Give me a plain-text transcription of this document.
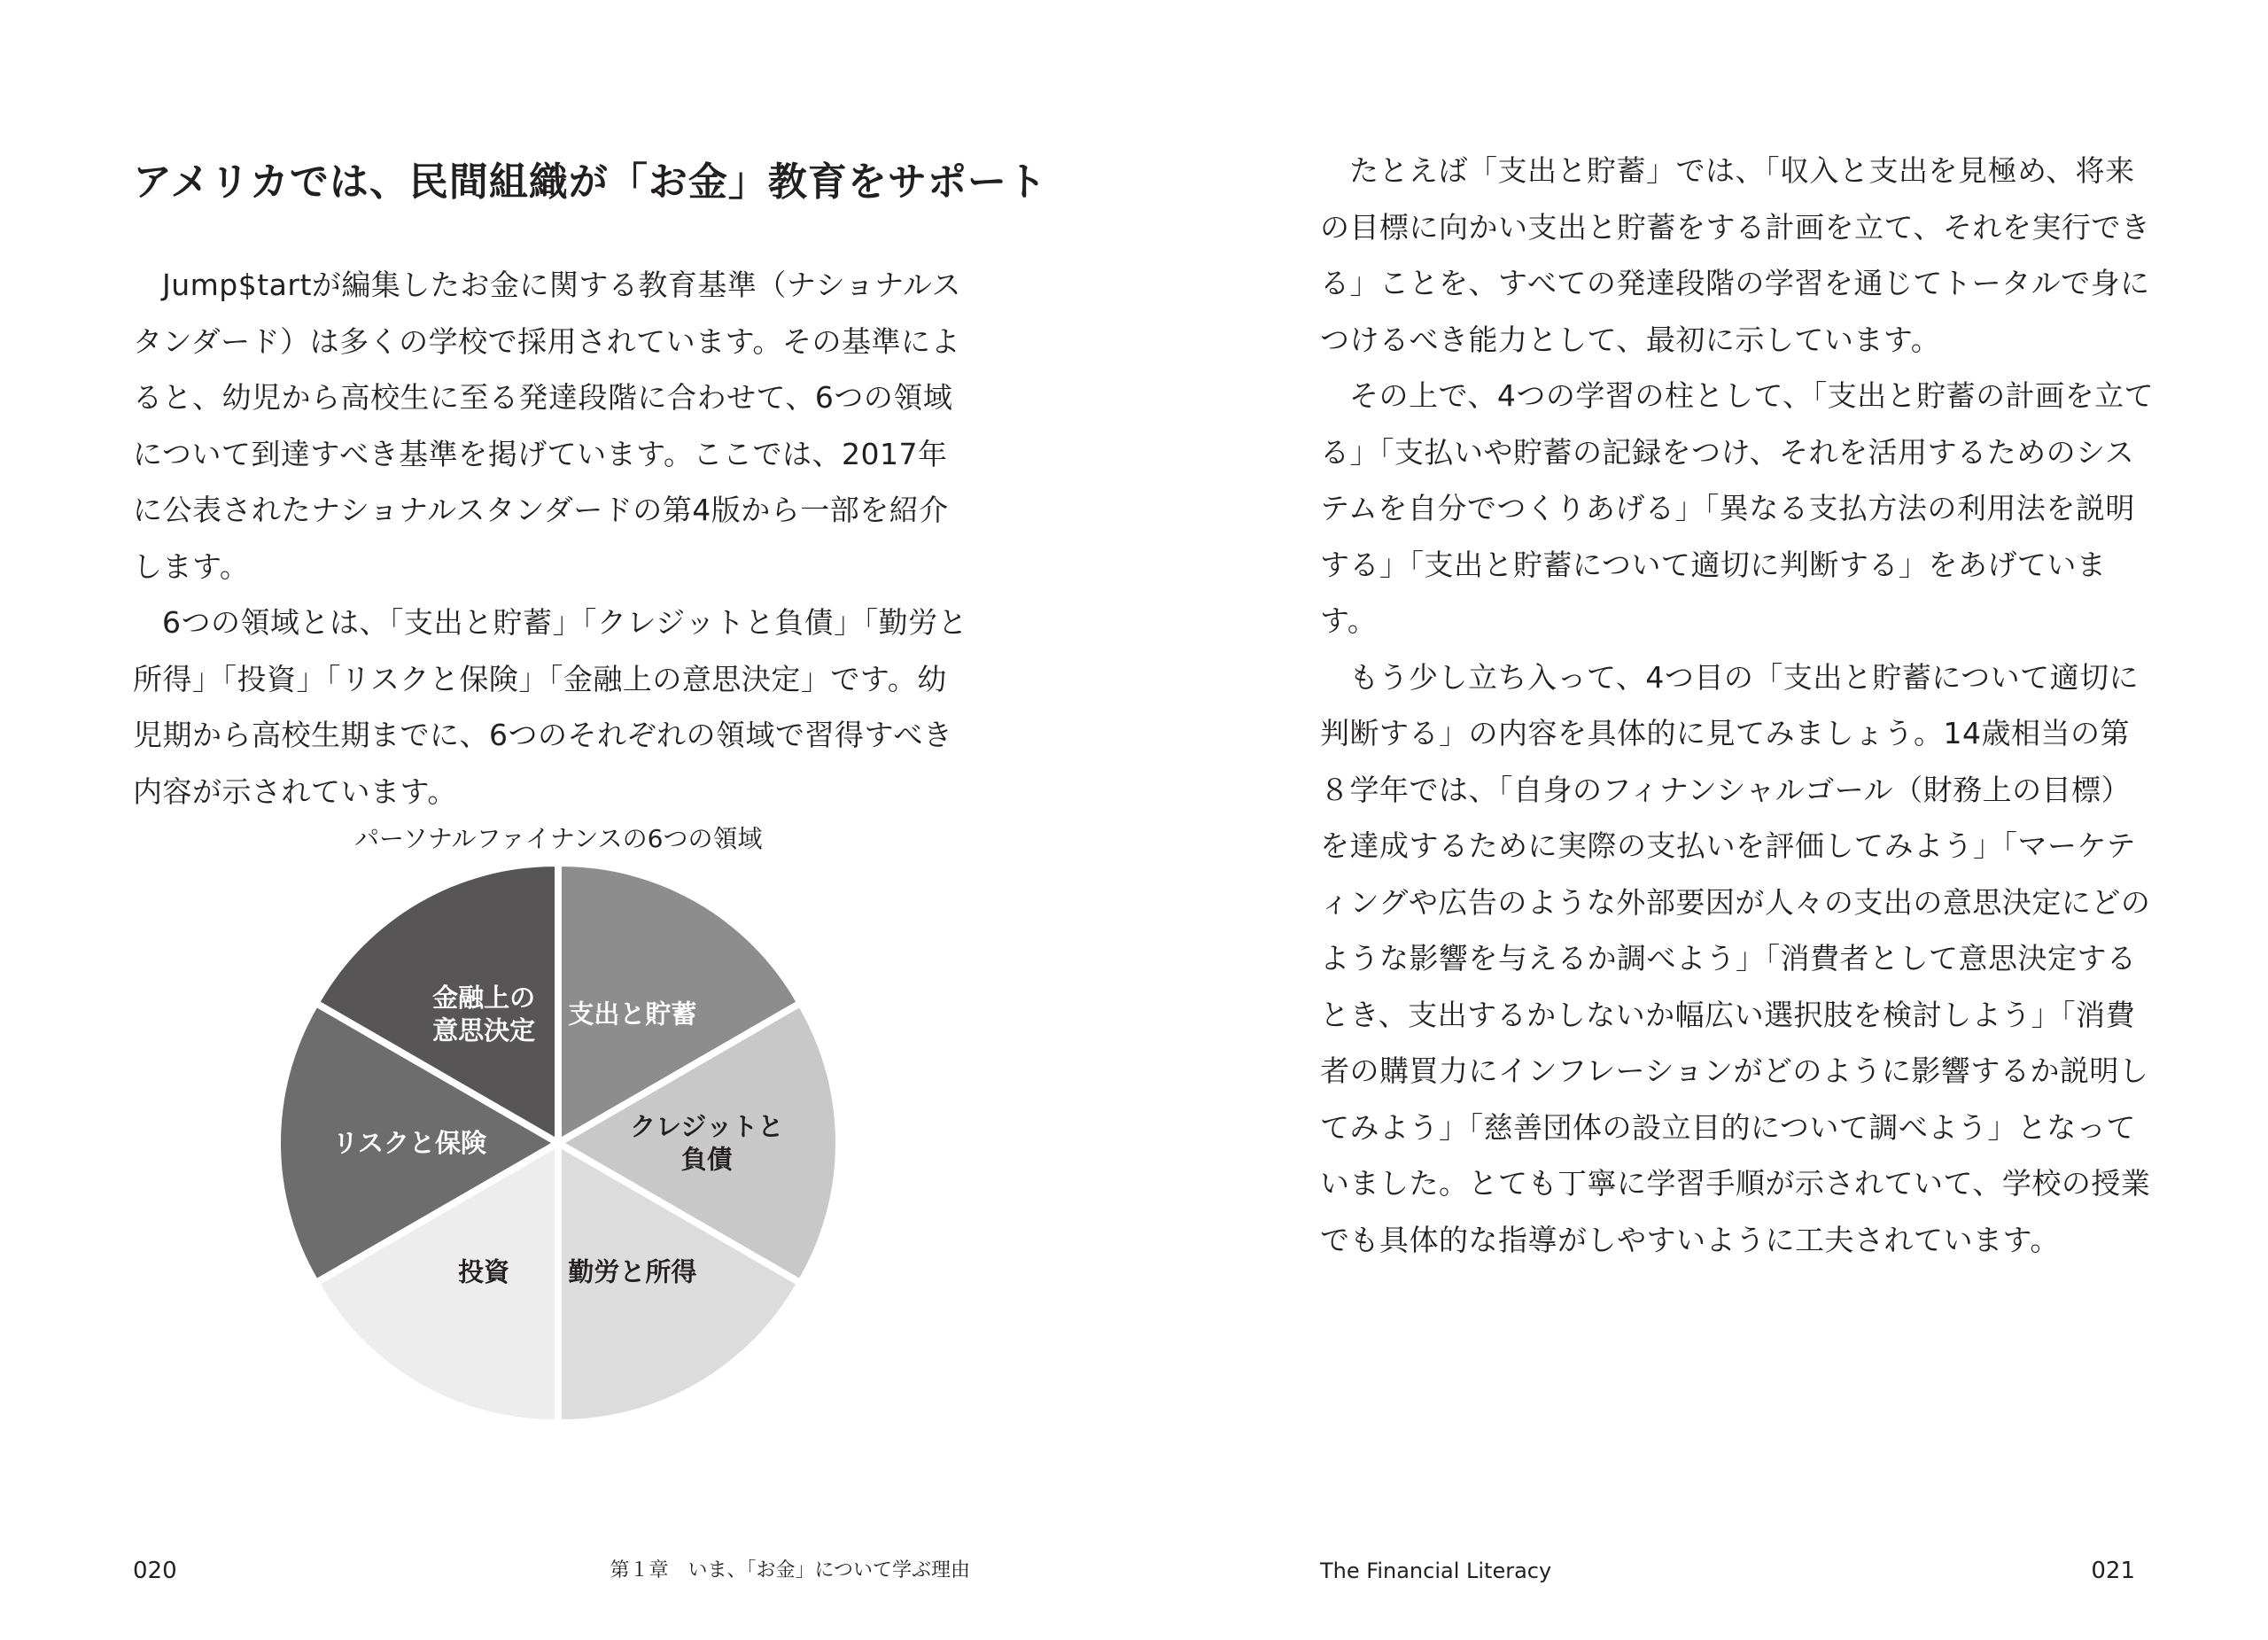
アメリカでは、民間組織が「お金」教育をサポート

Jump$tartが編集したお金に関する教育基準（ナショナルスタンダード）は多くの学校で採用されています。その基準によると、幼児から高校生に至る発達段階に合わせて、6つの領域について到達すべき基準を掲げています。ここでは、2017年に公表されたナショナルスタンダードの第4版から一部を紹介します。

6つの領域とは、「支出と貯蓄」「クレジットと負債」「勤労と所得」「投資」「リスクと保険」「金融上の意思決定」です。幼児期から高校生期までに、6つのそれぞれの領域で習得すべき内容が示されています。

パーソナルファイナンスの6つの領域
支出と貯蓄
クレジットと負債
勤労と所得
投資
リスクと保険
金融上の意思決定
020	第１章　いま、「お金」について学ぶ理由

たとえば「支出と貯蓄」では、「収入と支出を見極め、将来の目標に向かい支出と貯蓄をする計画を立て、それを実行できる」ことを、すべての発達段階の学習を通じてトータルで身につけるべき能力として、最初に示しています。

その上で、4つの学習の柱として、「支出と貯蓄の計画を立てる」「支払いや貯蓄の記録をつけ、それを活用するためのシステムを自分でつくりあげる」「異なる支払方法の利用法を説明する」「支出と貯蓄について適切に判断する」をあげています。

もう少し立ち入って、4つ目の「支出と貯蓄について適切に判断する」の内容を具体的に見てみましょう。14歳相当の第８学年では、「自身のフィナンシャルゴール（財務上の目標）を達成するために実際の支払いを評価してみよう」「マーケティングや広告のような外部要因が人々の支出の意思決定にどのような影響を与えるか調べよう」「消費者として意思決定するとき、支出するかしないか幅広い選択肢を検討しよう」「消費者の購買力にインフレーションがどのように影響するか説明してみよう」「慈善団体の設立目的について調べよう」となっていました。とても丁寧に学習手順が示されていて、学校の授業でも具体的な指導がしやすいように工夫されています。

The Financial Literacy	021
